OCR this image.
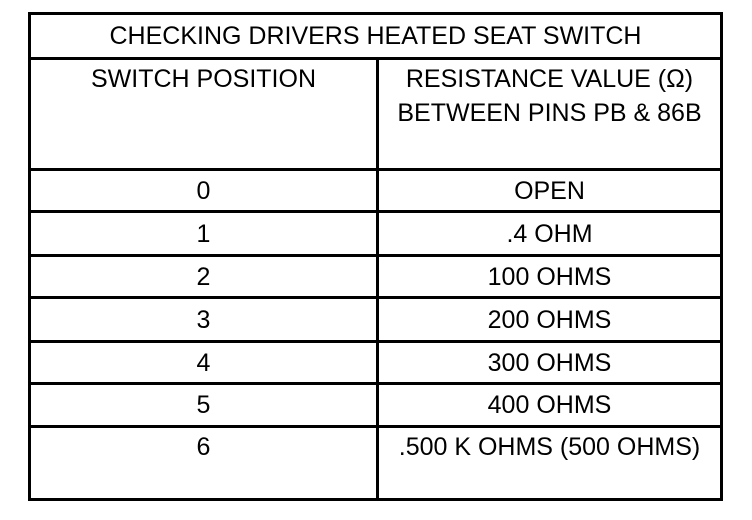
CHECKING DRIVERS HEATED SEAT SWITCH
SWITCH POSITION	RESISTANCE VALUE (Ω) BETWEEN PINS PB & 86B
0	OPEN
1	.4 OHM
2	100 OHMS
3	200 OHMS
4	300 OHMS
5	400 OHMS
6	.500 K OHMS (500 OHMS)
